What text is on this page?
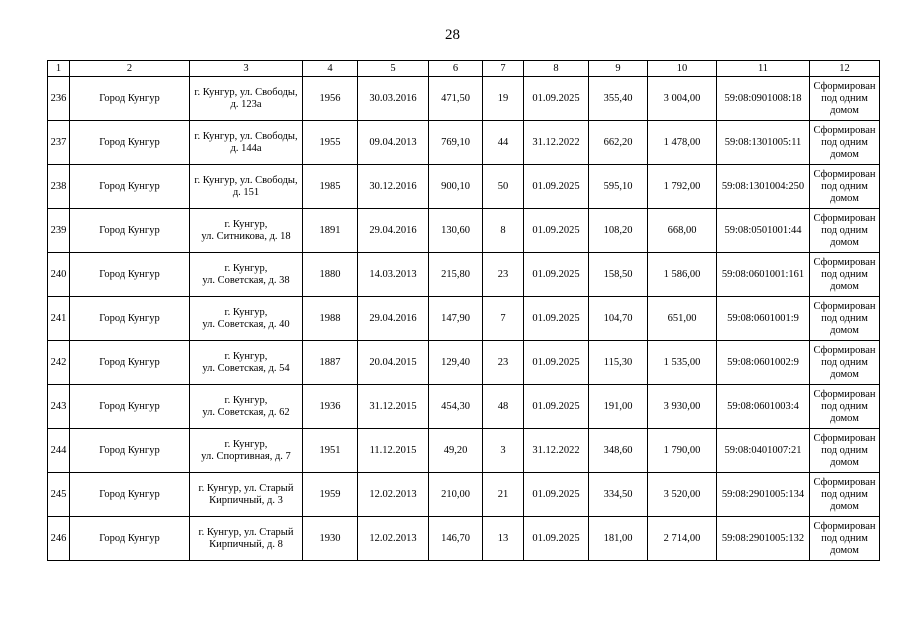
28
1	2	3	4	5	6	7	8	9	10	11	12
236	Город Кунгур	г. Кунгур, ул. Свободы,
д. 123а	1956	30.03.2016	471,50	19	01.09.2025	355,40	3 004,00	59:08:0901008:18	Сформирован
под одним
домом

237	Город Кунгур	г. Кунгур, ул. Свободы,
д. 144а	1955	09.04.2013	769,10	44	31.12.2022	662,20	1 478,00	59:08:1301005:11	Сформирован
под одним
домом

238	Город Кунгур	г. Кунгур, ул. Свободы,
д. 151	1985	30.12.2016	900,10	50	01.09.2025	595,10	1 792,00	59:08:1301004:250	Сформирован
под одним
домом

239	Город Кунгур	г. Кунгур,
ул. Ситникова, д. 18	1891	29.04.2016	130,60	8	01.09.2025	108,20	668,00	59:08:0501001:44	Сформирован
под одним
домом

240	Город Кунгур	г. Кунгур,
ул. Советская, д. 38	1880	14.03.2013	215,80	23	01.09.2025	158,50	1 586,00	59:08:0601001:161	Сформирован
под одним
домом

241	Город Кунгур	г. Кунгур,
ул. Советская, д. 40	1988	29.04.2016	147,90	7	01.09.2025	104,70	651,00	59:08:0601001:9	Сформирован
под одним
домом

242	Город Кунгур	г. Кунгур,
ул. Советская, д. 54	1887	20.04.2015	129,40	23	01.09.2025	115,30	1 535,00	59:08:0601002:9	Сформирован
под одним
домом

243	Город Кунгур	г. Кунгур,
ул. Советская, д. 62	1936	31.12.2015	454,30	48	01.09.2025	191,00	3 930,00	59:08:0601003:4	Сформирован
под одним
домом

244	Город Кунгур	г. Кунгур,
ул. Спортивная, д. 7	1951	11.12.2015	49,20	3	31.12.2022	348,60	1 790,00	59:08:0401007:21	Сформирован
под одним
домом

245	Город Кунгур	г. Кунгур, ул. Старый
Кирпичный, д. 3	1959	12.02.2013	210,00	21	01.09.2025	334,50	3 520,00	59:08:2901005:134	Сформирован
под одним
домом

246	Город Кунгур	г. Кунгур, ул. Старый
Кирпичный, д. 8	1930	12.02.2013	146,70	13	01.09.2025	181,00	2 714,00	59:08:2901005:132	Сформирован
под одним
домом
